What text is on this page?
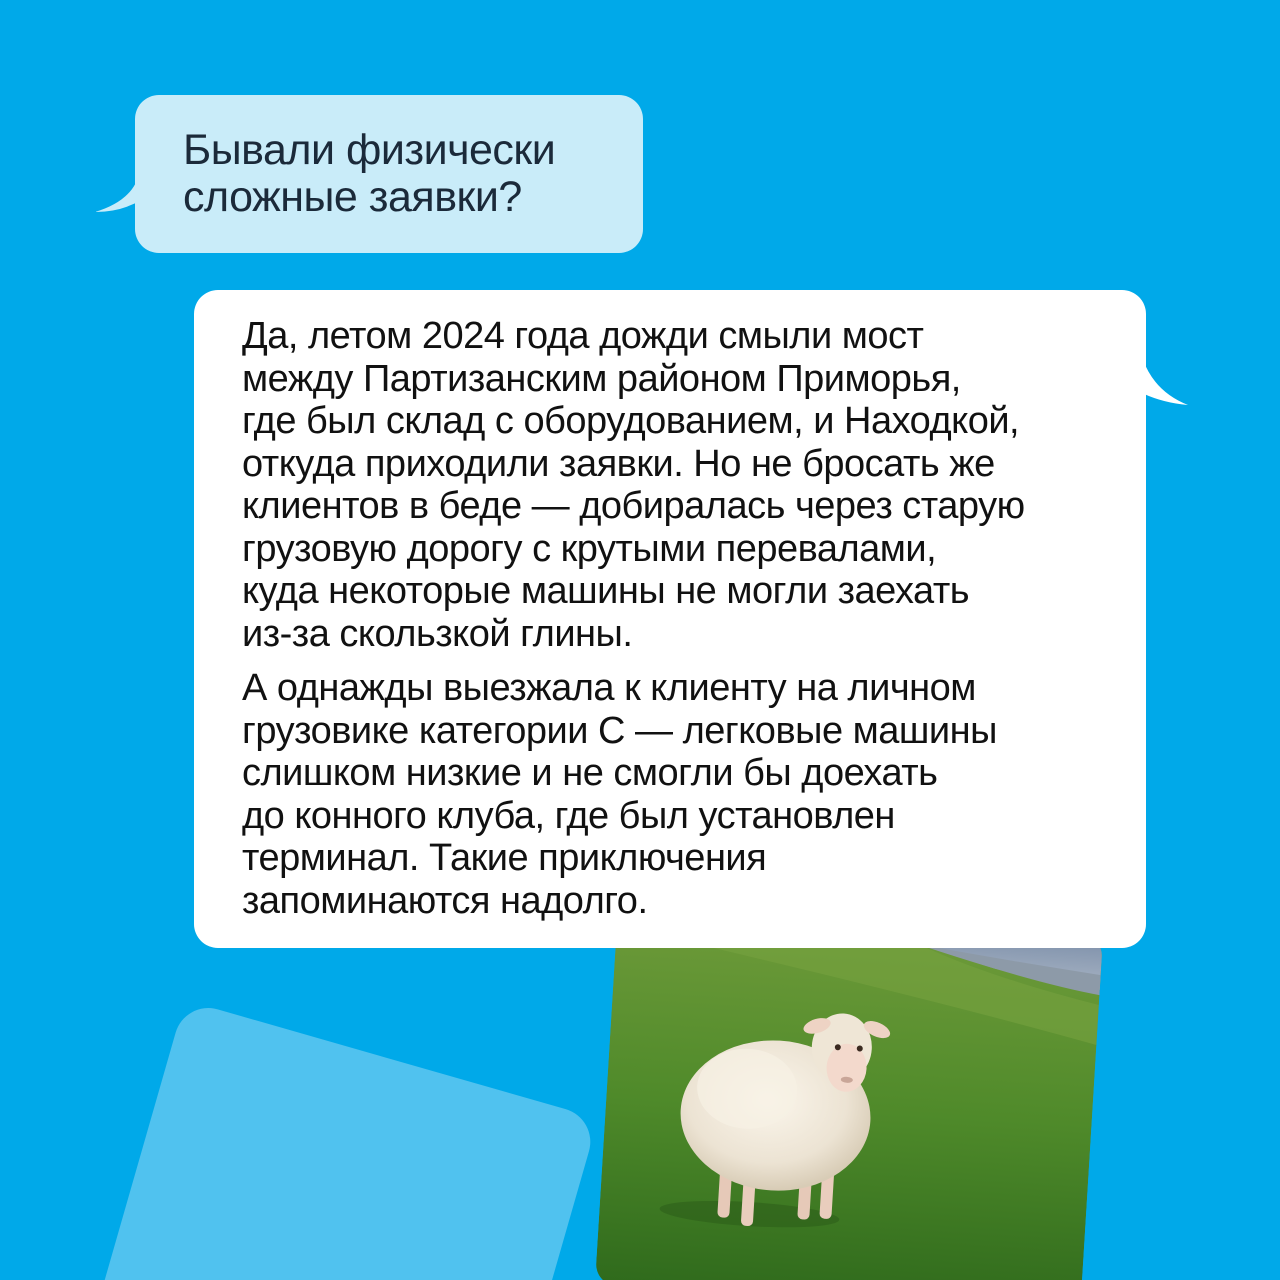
Бывали физически
сложные заявки?

Да, летом 2024 года дожди смыли мост
между Партизанским районом Приморья,
где был склад с оборудованием, и Находкой,
откуда приходили заявки. Но не бросать же
клиентов в беде — добиралась через старую
грузовую дорогу с крутыми перевалами,
куда некоторые машины не могли заехать
из-за скользкой глины.

А однажды выезжала к клиенту на личном
грузовике категории С — легковые машины
слишком низкие и не смогли бы доехать
до конного клуба, где был установлен
терминал. Такие приключения
запоминаются надолго.
